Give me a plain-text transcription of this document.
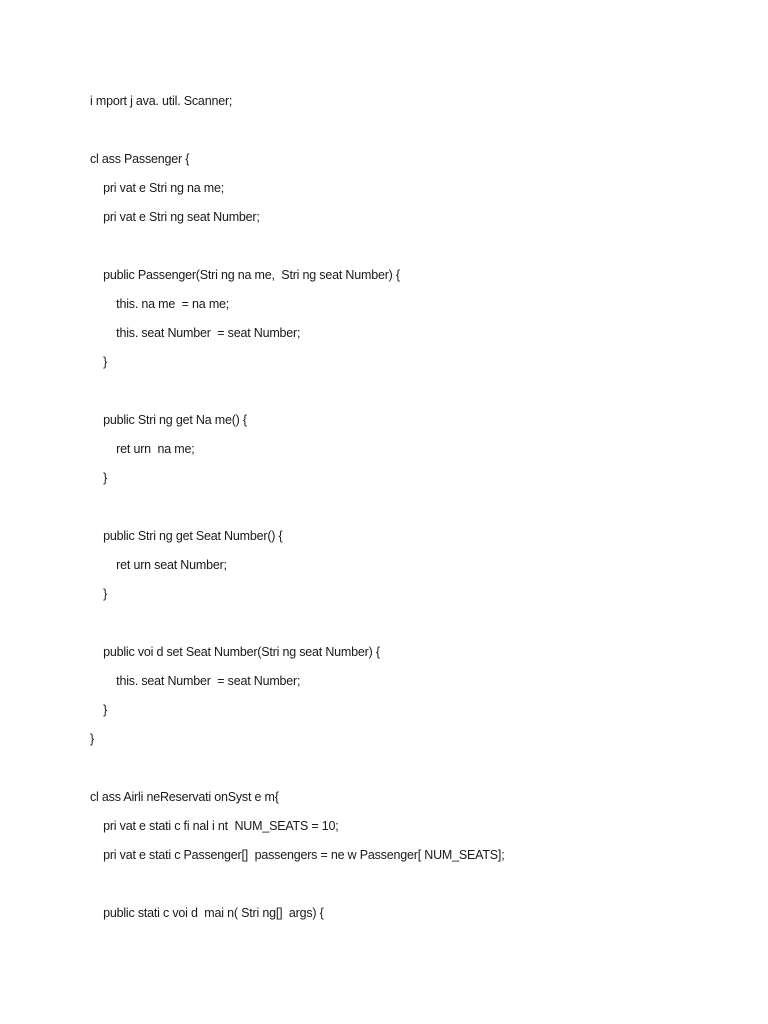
i mport j ava. util. Scanner;
cl ass Passenger {
pri vat e Stri ng na me;
pri vat e Stri ng seat Number;
public Passenger(Stri ng na me,  Stri ng seat Number) {
this. na me  = na me;
this. seat Number  = seat Number;
}
public Stri ng get Na me() {
ret urn  na me;
}
public Stri ng get Seat Number() {
ret urn seat Number;
}
public voi d set Seat Number(Stri ng seat Number) {
this. seat Number  = seat Number;
}
}
cl ass Airli neReservati onSyst e m{
pri vat e stati c fi nal i nt  NUM_SEATS = 10;
pri vat e stati c Passenger[]  passengers = ne w Passenger[ NUM_SEATS];
public stati c voi d  mai n( Stri ng[]  args) {
